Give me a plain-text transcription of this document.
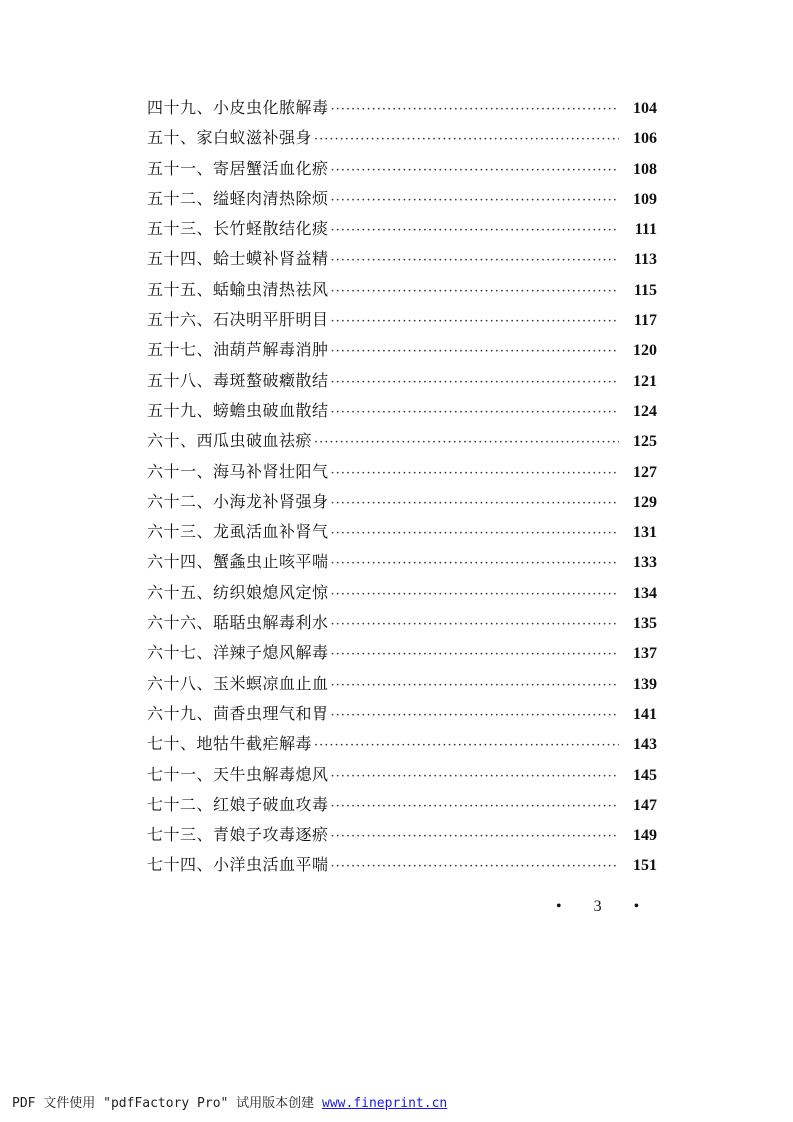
四十九、小皮虫化脓解毒 ·····	104
五十、家白蚁滋补强身 ·····	106
五十一、寄居蟹活血化瘀 ·····	108
五十二、缢蛏肉清热除烦 ·····	109
五十三、长竹蛏散结化痰 ·····	111
五十四、蛤士蟆补肾益精 ·····	113
五十五、蛞蝓虫清热祛风 ·····	115
五十六、石决明平肝明目 ·····	117
五十七、油葫芦解毒消肿 ·····	120
五十八、毒斑螯破癥散结 ·····	121
五十九、螃蟾虫破血散结 ·····	124
六十、西瓜虫破血祛瘀 ·····	125
六十一、海马补肾壮阳气 ·····	127
六十二、小海龙补肾强身 ·····	129
六十三、龙虱活血补肾气 ·····	131
六十四、蟹螽虫止咳平喘 ·····	133
六十五、纺织娘熄风定惊 ·····	134
六十六、聒聒虫解毒利水 ·····	135
六十七、洋辣子熄风解毒 ·····	137
六十八、玉米螟凉血止血 ·····	139
六十九、茴香虫理气和胃 ·····	141
七十、地牯牛截疟解毒 ·····	143
七十一、天牛虫解毒熄风 ·····	145
七十二、红娘子破血攻毒 ·····	147
七十三、青娘子攻毒逐瘀 ·····	149
七十四、小洋虫活血平喘 ·····	151
• 3 •
PDF 文件使用 "pdfFactory Pro" 试用版本创建 www.fineprint.cn
